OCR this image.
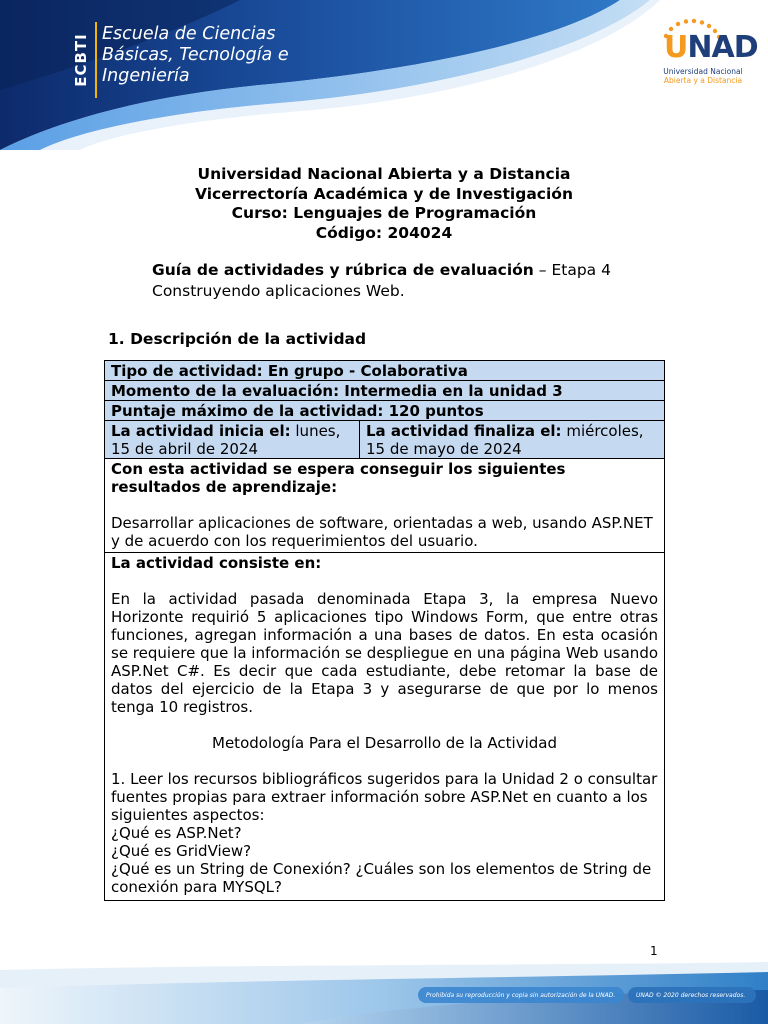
ECBTI Escuela de Ciencias
Básicas, Tecnología e
Ingeniería
UNAD
Universidad Nacional
Abierta y a Distancia
Universidad Nacional Abierta y a Distancia
Vicerrectoría Académica y de Investigación
Curso: Lenguajes de Programación
Código: 204024
Guía de actividades y rúbrica de evaluación – Etapa 4
Construyendo aplicaciones Web.
1. Descripción de la actividad
Tipo de actividad: En grupo - Colaborativa
Momento de la evaluación: Intermedia en la unidad 3
Puntaje máximo de la actividad: 120 puntos
La actividad inicia el: lunes, 15 de abril de 2024	La actividad finaliza el: miércoles, 15 de mayo de 2024

Con esta actividad se espera conseguir los siguientes resultados de aprendizaje:
Desarrollar aplicaciones de software, orientadas a web, usando ASP.NET y de acuerdo con los requerimientos del usuario.

La actividad consiste en:
En la actividad pasada denominada Etapa 3, la empresa Nuevo Horizonte requirió 5 aplicaciones tipo Windows Form, que entre otras funciones, agregan información a una bases de datos. En esta ocasión se requiere que la información se despliegue en una página Web usando ASP.Net C#. Es decir que cada estudiante, debe retomar la base de datos del ejercicio de la Etapa 3 y asegurarse de que por lo menos tenga 10 registros.
Metodología Para el Desarrollo de la Actividad
1. Leer los recursos bibliográficos sugeridos para la Unidad 2 o consultar fuentes propias para extraer información sobre ASP.Net en cuanto a los siguientes aspectos:
¿Qué es ASP.Net?
¿Qué es GridView?
¿Qué es un String de Conexión? ¿Cuáles son los elementos de String de conexión para MYSQL?
1
Prohibida su reproducción y copia sin autorización de la UNAD.	UNAD © 2020 derechos reservados.
